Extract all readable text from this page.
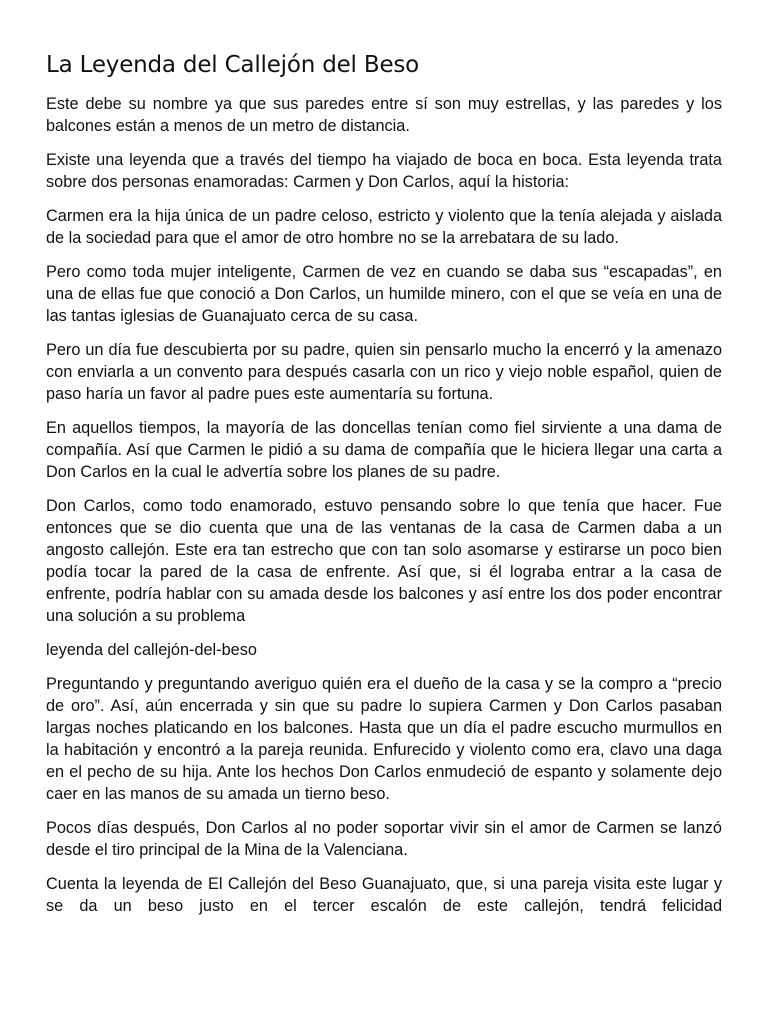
La Leyenda del Callejón del Beso

Este debe su nombre ya que sus paredes entre sí son muy estrellas, y las paredes y los balcones están a menos de un metro de distancia.

Existe una leyenda que a través del tiempo ha viajado de boca en boca. Esta leyenda trata sobre dos personas enamoradas: Carmen y Don Carlos, aquí la historia:

Carmen era la hija única de un padre celoso, estricto y violento que la tenía alejada y aislada de la sociedad para que el amor de otro hombre no se la arrebatara de su lado.

Pero como toda mujer inteligente, Carmen de vez en cuando se daba sus “escapadas”, en una de ellas fue que conoció a Don Carlos, un humilde minero, con el que se veía en una de las tantas iglesias de Guanajuato cerca de su casa.

Pero un día fue descubierta por su padre, quien sin pensarlo mucho la encerró y la amenazo con enviarla a un convento para después casarla con un rico y viejo noble español, quien de paso haría un favor al padre pues este aumentaría su fortuna.

En aquellos tiempos, la mayoría de las doncellas tenían como fiel sirviente a una dama de compañía. Así que Carmen le pidió a su dama de compañía que le hiciera llegar una carta a Don Carlos en la cual le advertía sobre los planes de su padre.

Don Carlos, como todo enamorado, estuvo pensando sobre lo que tenía que hacer. Fue entonces que se dio cuenta que una de las ventanas de la casa de Carmen daba a un angosto callejón. Este era tan estrecho que con tan solo asomarse y estirarse un poco bien podía tocar la pared de la casa de enfrente. Así que, si él lograba entrar a la casa de enfrente, podría hablar con su amada desde los balcones y así entre los dos poder encontrar una solución a su problema

leyenda del callejón-del-beso

Preguntando y preguntando averiguo quién era el dueño de la casa y se la compro a “precio de oro”. Así, aún encerrada y sin que su padre lo supiera Carmen y Don Carlos pasaban largas noches platicando en los balcones. Hasta que un día el padre escucho murmullos en la habitación y encontró a la pareja reunida. Enfurecido y violento como era, clavo una daga en el pecho de su hija. Ante los hechos Don Carlos enmudeció de espanto y solamente dejo caer en las manos de su amada un tierno beso.

Pocos días después, Don Carlos al no poder soportar vivir sin el amor de Carmen se lanzó desde el tiro principal de la Mina de la Valenciana.

Cuenta la leyenda de El Callejón del Beso Guanajuato, que, si una pareja visita este lugar y se da un beso justo en el tercer escalón de este callejón, tendrá felicidad
